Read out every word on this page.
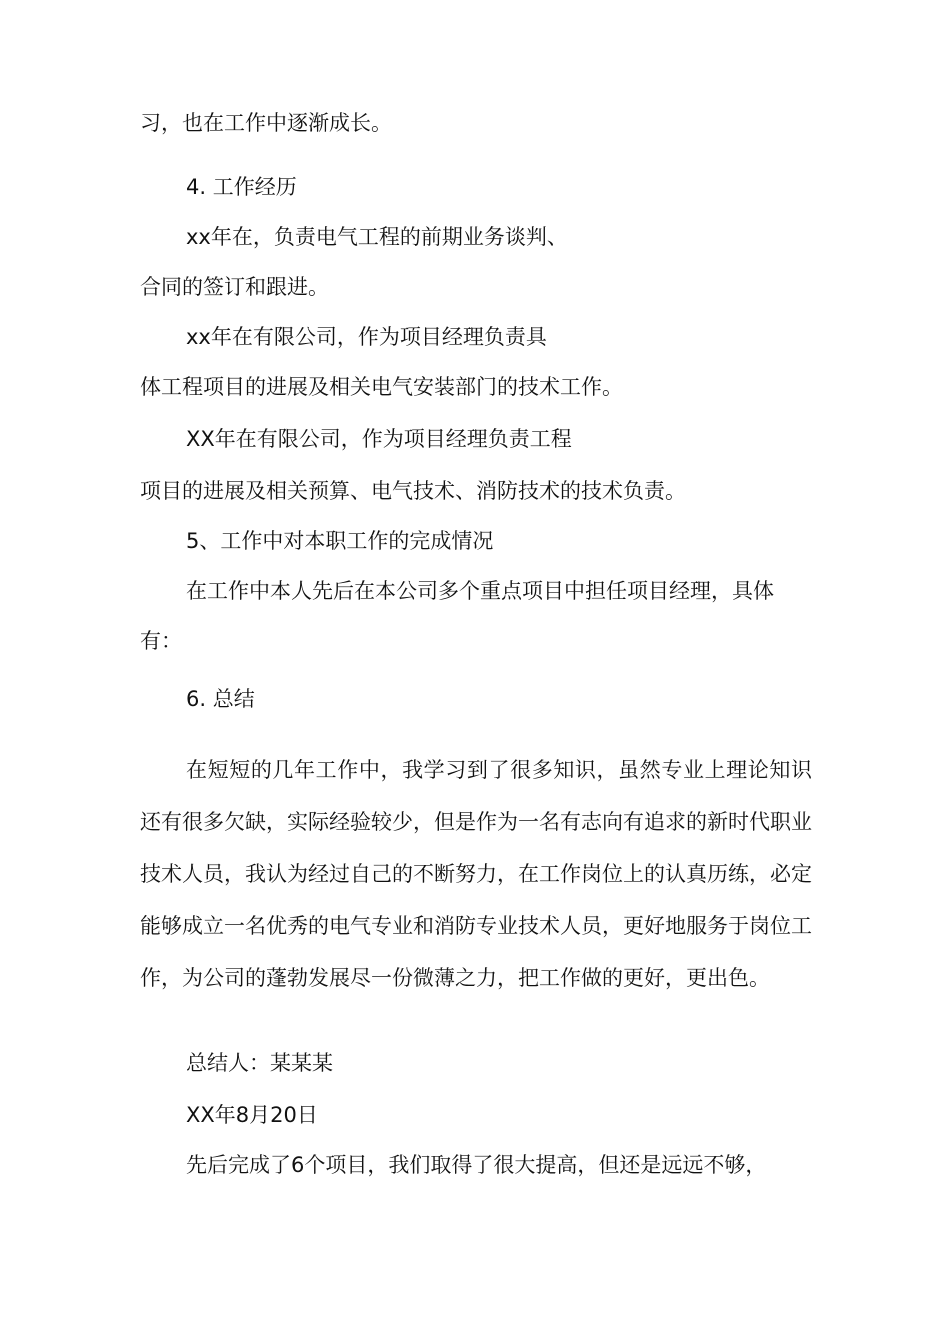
习，也在工作中逐渐成长。

4. 工作经历

xx年在，负责电气工程的前期业务谈判、

合同的签订和跟进。

xx年在有限公司，作为项目经理负责具

体工程项目的进展及相关电气安装部门的技术工作。

XX年在有限公司，作为项目经理负责工程

项目的进展及相关预算、电气技术、消防技术的技术负责。

5、工作中对本职工作的完成情况

在工作中本人先后在本公司多个重点项目中担任项目经理，具体

有：

6. 总结

在短短的几年工作中，我学习到了很多知识，虽然专业上理论知识还有很多欠缺，实际经验较少，但是作为一名有志向有追求的新时代职业技术人员，我认为经过自己的不断努力，在工作岗位上的认真历练，必定能够成立一名优秀的电气专业和消防专业技术人员，更好地服务于岗位工作，为公司的蓬勃发展尽一份微薄之力，把工作做的更好，更出色。

总结人：某某某

XX年8月20日

先后完成了6个项目，我们取得了很大提高，但还是远远不够，
